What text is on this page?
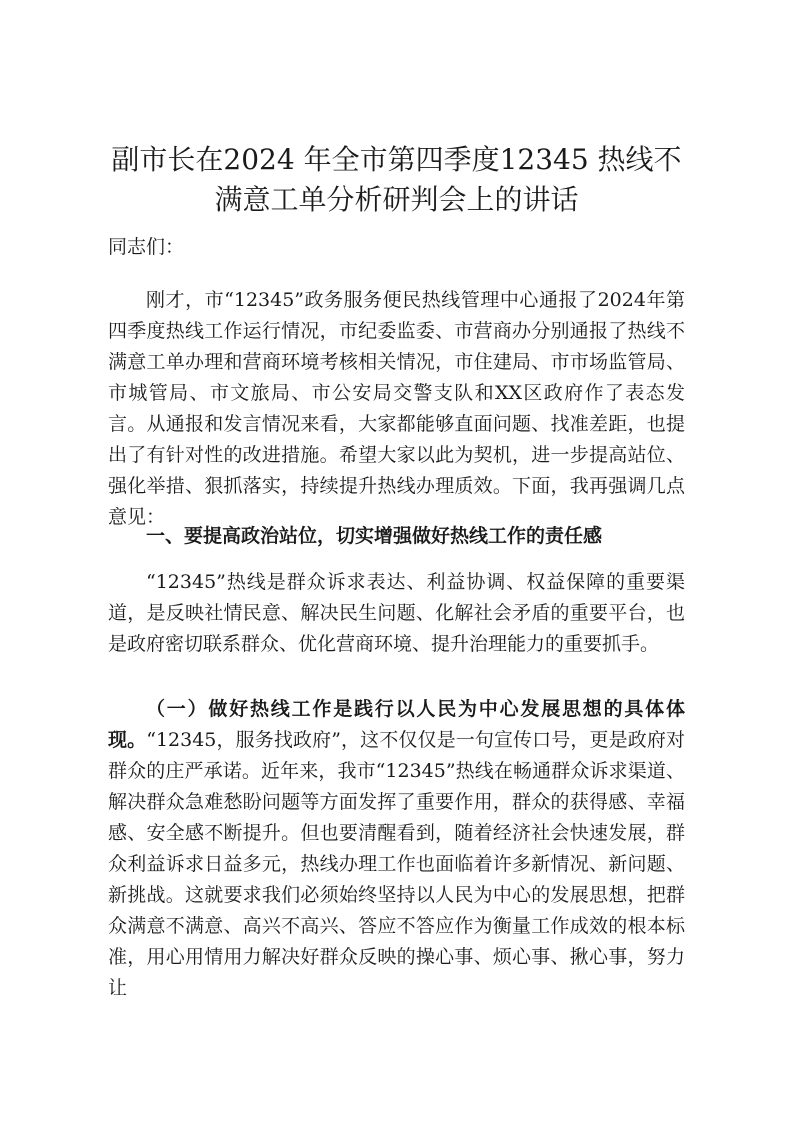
副市长在2024 年全市第四季度12345 热线不
满意工单分析研判会上的讲话

同志们：

刚才，市“12345”政务服务便民热线管理中心通报了2024年第四季度热线工作运行情况，市纪委监委、市营商办分别通报了热线不满意工单办理和营商环境考核相关情况，市住建局、市市场监管局、市城管局、市文旅局、市公安局交警支队和XX区政府作了表态发言。从通报和发言情况来看，大家都能够直面问题、找准差距，也提出了有针对性的改进措施。希望大家以此为契机，进一步提高站位、强化举措、狠抓落实，持续提升热线办理质效。下面，我再强调几点意见：

一、要提高政治站位，切实增强做好热线工作的责任感

“12345”热线是群众诉求表达、利益协调、权益保障的重要渠道，是反映社情民意、解决民生问题、化解社会矛盾的重要平台，也是政府密切联系群众、优化营商环境、提升治理能力的重要抓手。

（一）做好热线工作是践行以人民为中心发展思想的具体体现。“12345，服务找政府”，这不仅仅是一句宣传口号，更是政府对群众的庄严承诺。近年来，我市“12345”热线在畅通群众诉求渠道、解决群众急难愁盼问题等方面发挥了重要作用，群众的获得感、幸福感、安全感不断提升。但也要清醒看到，随着经济社会快速发展，群众利益诉求日益多元，热线办理工作也面临着许多新情况、新问题、新挑战。这就要求我们必须始终坚持以人民为中心的发展思想，把群众满意不满意、高兴不高兴、答应不答应作为衡量工作成效的根本标准，用心用情用力解决好群众反映的操心事、烦心事、揪心事，努力让
